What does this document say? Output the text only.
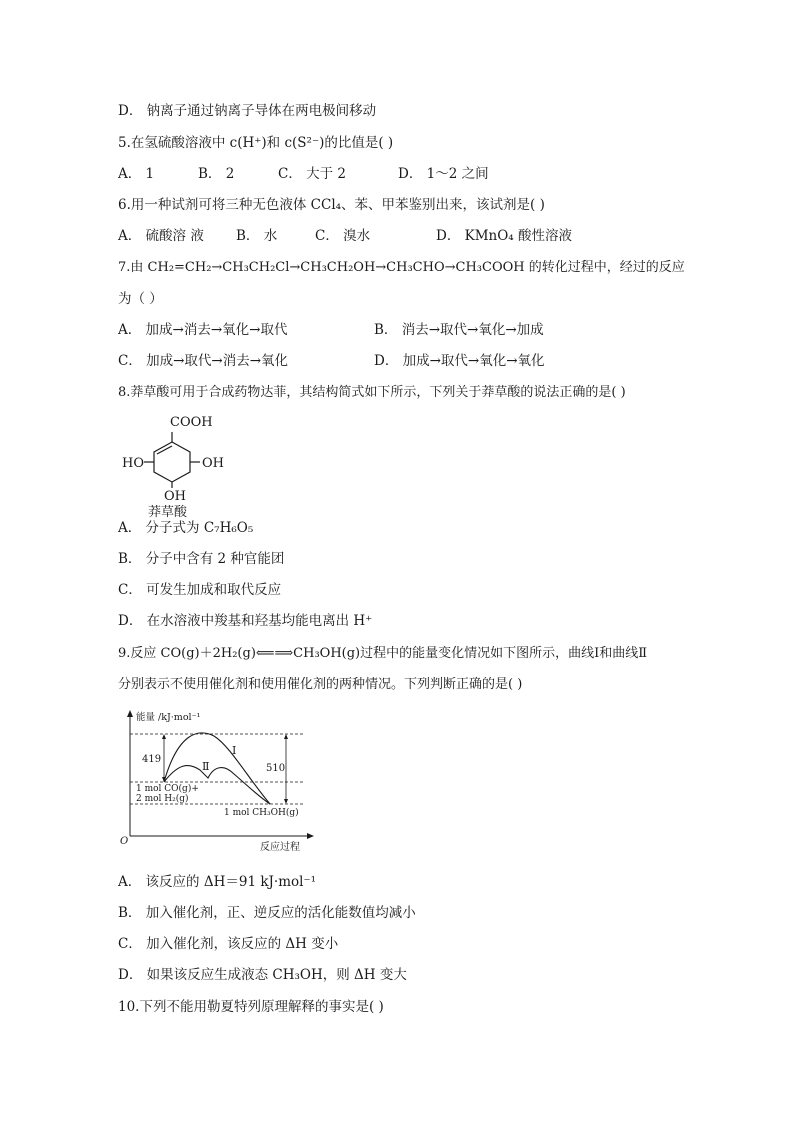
D． 钠离子通过钠离子导体在两电极间移动
5.在氢硫酸溶液中 c(H⁺)和 c(S²⁻)的比值是( )
A． 1	B． 2	C． 大于 2	D． 1～2 之间
6.用一种试剂可将三种无色液体 CCl₄、苯、甲苯鉴别出来，该试剂是( )
A． 硫酸溶 液 B． 水	C． 溴水	D． KMnO₄ 酸性溶液
7.由 CH₂=CH₂→CH₃CH₂Cl→CH₃CH₂OH→CH₃CHO→CH₃COOH 的转化过程中，经过的反应
为（ ）
A． 加成→消去→氧化→取代	B． 消去→取代→氧化→加成
C． 加成→取代→消去→氧化	D． 加成→取代→氧化→氧化
8.莽草酸可用于合成药物达菲，其结构简式如下所示，下列关于莽草酸的说法正确的是( )
COOH
HO	OH
OH
莽草酸
A． 分子式为 C₇H₆O₅
B． 分子中含有 2 种官能团
C． 可发生加成和取代反应
D． 在水溶液中羧基和羟基均能电离出 H⁺
9.反应 CO(g)＋2H₂(g)⟸⟹CH₃OH(g)过程中的能量变化情况如下图所示，曲线Ⅰ和曲线Ⅱ
分别表示不使用催化剂和使用催化剂的两种情况。下列判断正确的是( )
能量 /kJ·mol⁻¹
反应过程
O
419
510
Ⅰ
Ⅱ
1 mol CO(g)+
2 mol H₂(g)
1 mol CH₃OH(g)
A． 该反应的 ΔH＝91 kJ·mol⁻¹
B． 加入催化剂，正、逆反应的活化能数值均减小
C． 加入催化剂，该反应的 ΔH 变小
D． 如果该反应生成液态 CH₃OH，则 ΔH 变大
10.下列不能用勒夏特列原理解释的事实是( )
